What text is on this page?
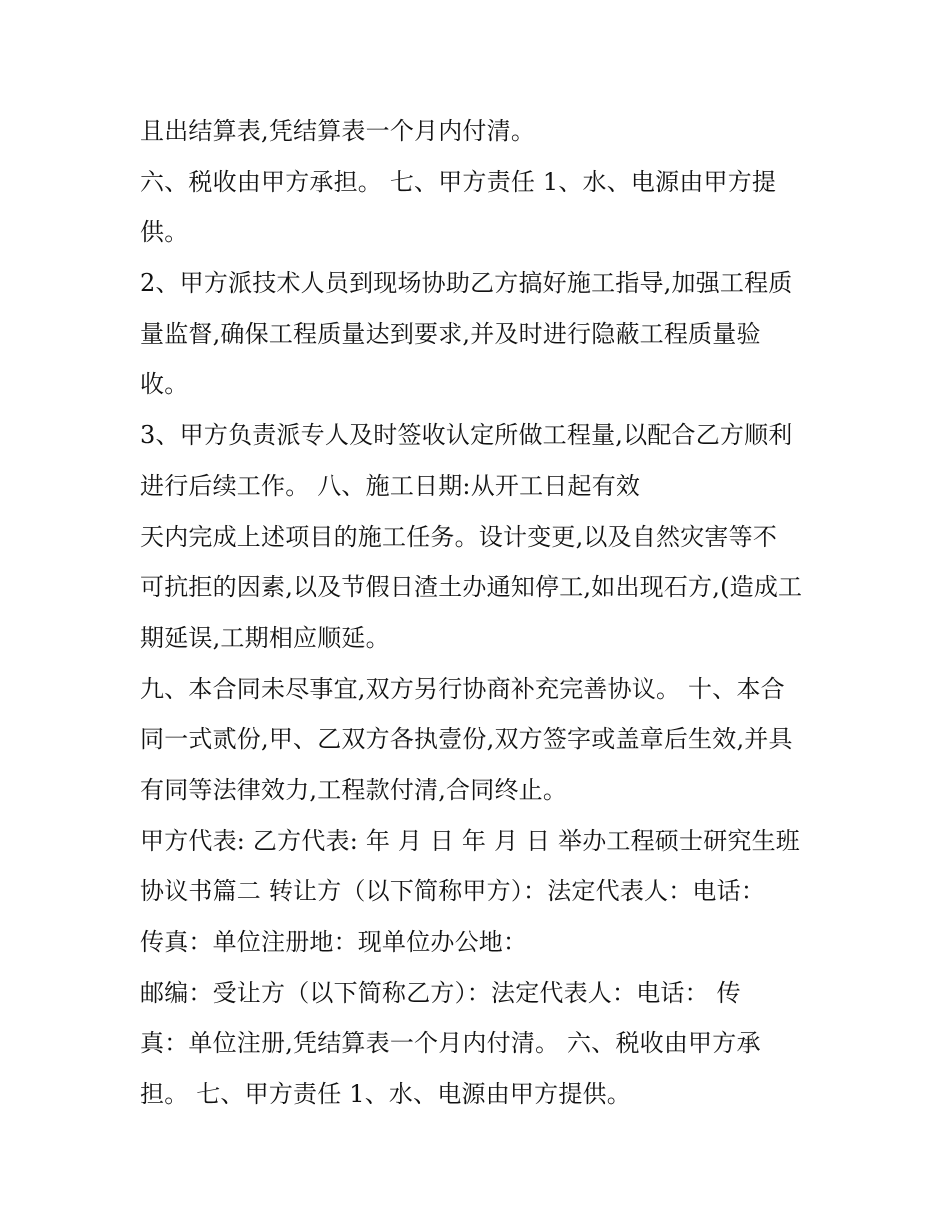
且出结算表,凭结算表一个月内付清。
六、税收由甲方承担。 七、甲方责任 1、水、电源由甲方提
供。
2、甲方派技术人员到现场协助乙方搞好施工指导,加强工程质
量监督,确保工程质量达到要求,并及时进行隐蔽工程质量验
收。
3、甲方负责派专人及时签收认定所做工程量,以配合乙方顺利
进行后续工作。 八、施工日期:从开工日起有效
天内完成上述项目的施工任务。设计变更,以及自然灾害等不
可抗拒的因素,以及节假日渣土办通知停工,如出现石方,(造成工
期延误,工期相应顺延。
九、本合同未尽事宜,双方另行协商补充完善协议。 十、本合
同一式贰份,甲、乙双方各执壹份,双方签字或盖章后生效,并具
有同等法律效力,工程款付清,合同终止。
甲方代表: 乙方代表: 年 月 日 年 月 日 举办工程硕士研究生班
协议书篇二 转让方（以下简称甲方）：法定代表人：电话：
传真：单位注册地：现单位办公地：
邮编：受让方（以下简称乙方）：法定代表人：电话： 传
真：单位注册,凭结算表一个月内付清。 六、税收由甲方承
担。 七、甲方责任 1、水、电源由甲方提供。
